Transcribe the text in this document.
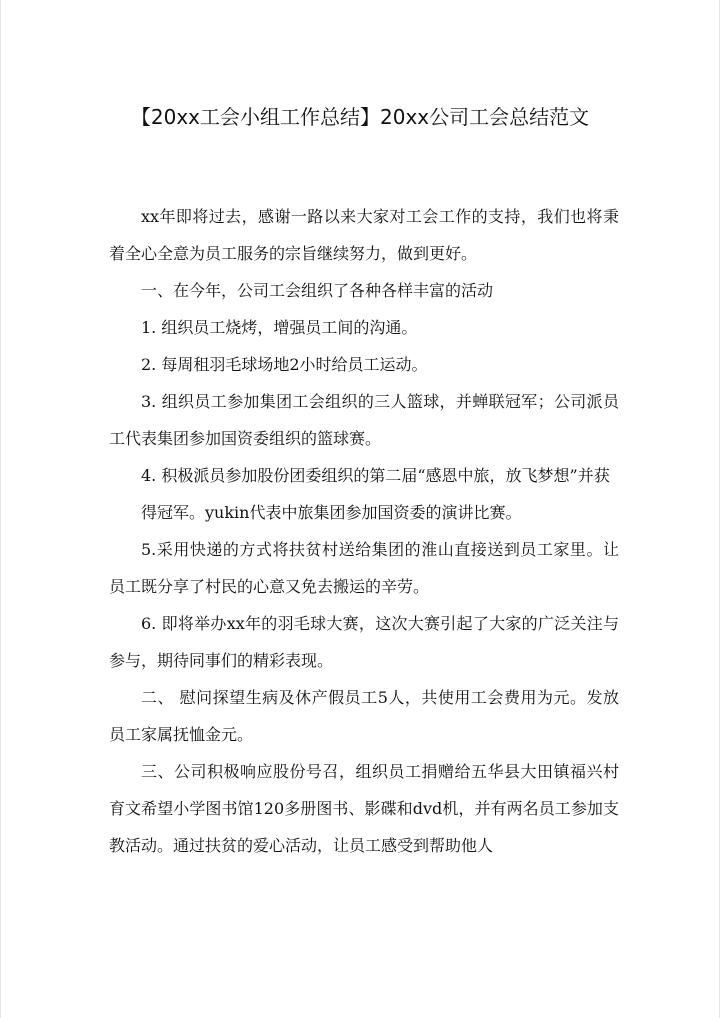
【20xx工会小组工作总结】20xx公司工会总结范文

xx年即将过去，感谢一路以来大家对工会工作的支持，我们也将秉着全心全意为员工服务的宗旨继续努力，做到更好。

一、在今年，公司工会组织了各种各样丰富的活动

1. 组织员工烧烤，增强员工间的沟通。

2. 每周租羽毛球场地2小时给员工运动。

3. 组织员工参加集团工会组织的三人篮球，并蝉联冠军；公司派员工代表集团参加国资委组织的篮球赛。

4. 积极派员参加股份团委组织的第二届“感恩中旅，放飞梦想”并获

得冠军。yukin代表中旅集团参加国资委的演讲比赛。

5.采用快递的方式将扶贫村送给集团的淮山直接送到员工家里。让员工既分享了村民的心意又免去搬运的辛劳。

6. 即将举办xx年的羽毛球大赛，这次大赛引起了大家的广泛关注与参与，期待同事们的精彩表现。

二、 慰问探望生病及休产假员工5人，共使用工会费用为元。发放员工家属抚恤金元。

三、公司积极响应股份号召，组织员工捐赠给五华县大田镇福兴村育文希望小学图书馆120多册图书、影碟和dvd机，并有两名员工参加支教活动。通过扶贫的爱心活动，让员工感受到帮助他人
